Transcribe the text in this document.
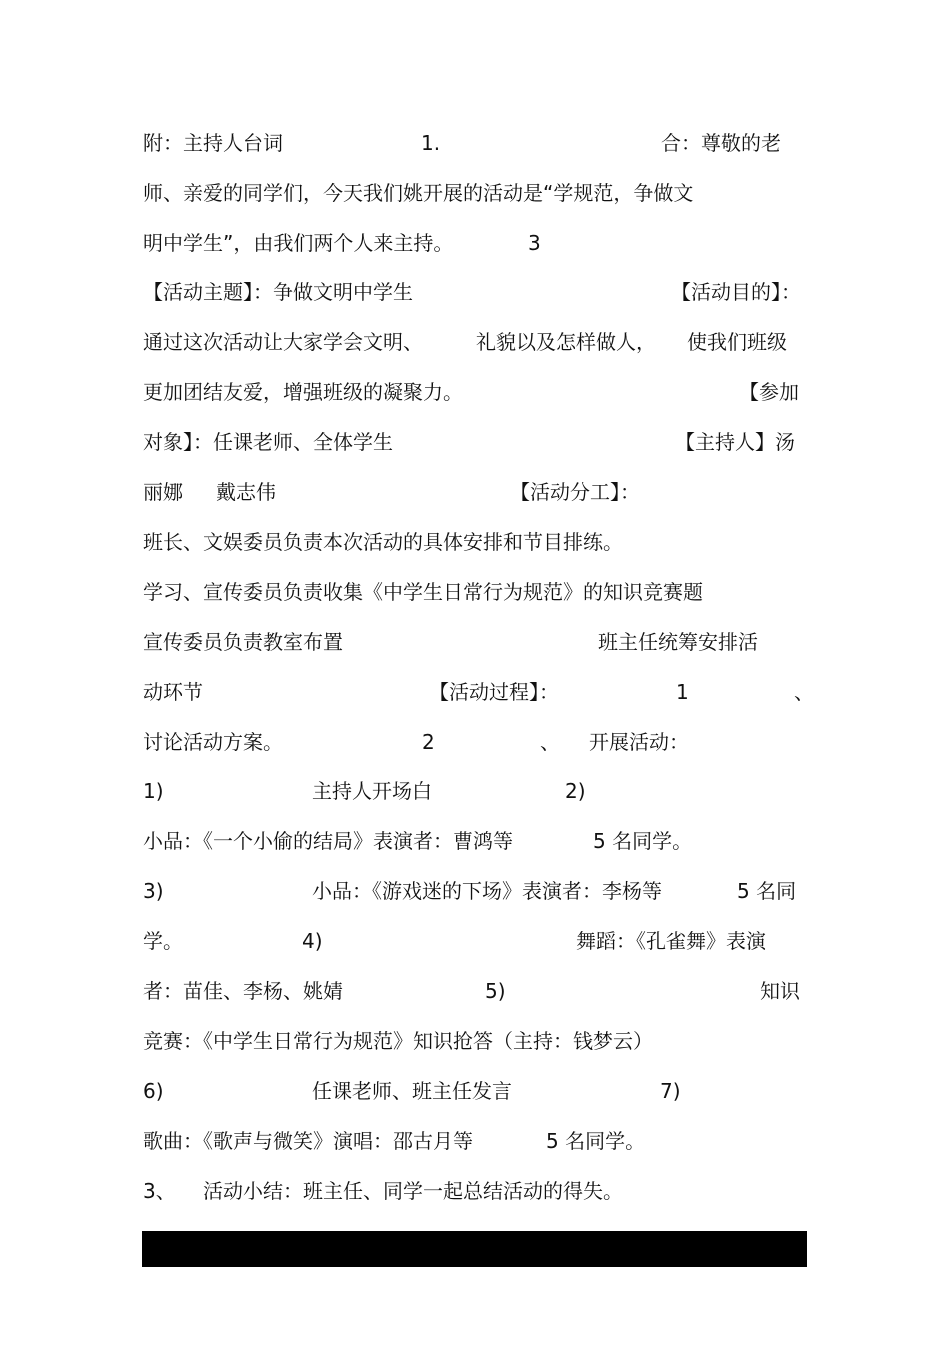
附：主持人台词	1.	合：尊敬的老
师、亲爱的同学们，今天我们姚开展的活动是“学规范，争做文
明中学生”，由我们两个人来主持。	3
【活动主题】：争做文明中学生	【活动目的】：
通过这次活动让大家学会文明、	礼貌以及怎样做人， 使我们班级
更加团结友爱，增强班级的凝聚力。	【参加
对象】：任课老师、全体学生	【主持人】汤
丽娜 戴志伟	【活动分工】：
班长、文娱委员负责本次活动的具体安排和节目排练。
学习、宣传委员负责收集《中学生日常行为规范》的知识竞赛题
宣传委员负责教室布置	班主任统筹安排活
动环节	【活动过程】：	1	、
讨论活动方案。	2	、 开展活动：
1)	主持人开场白	2)
小品：《一个小偷的结局》表演者：曹鸿等	5 名同学。
3)	小品：《游戏迷的下场》表演者：李杨等	5 名同
学。	4)	舞蹈：《孔雀舞》表演
者：苗佳、李杨、姚婧	5)	知识
竞赛：《中学生日常行为规范》知识抢答（主持：钱梦云）
6)	任课老师、班主任发言	7)
歌曲：《歌声与微笑》演唱：邵古月等	5 名同学。
3、 活动小结：班主任、同学一起总结活动的得失。
